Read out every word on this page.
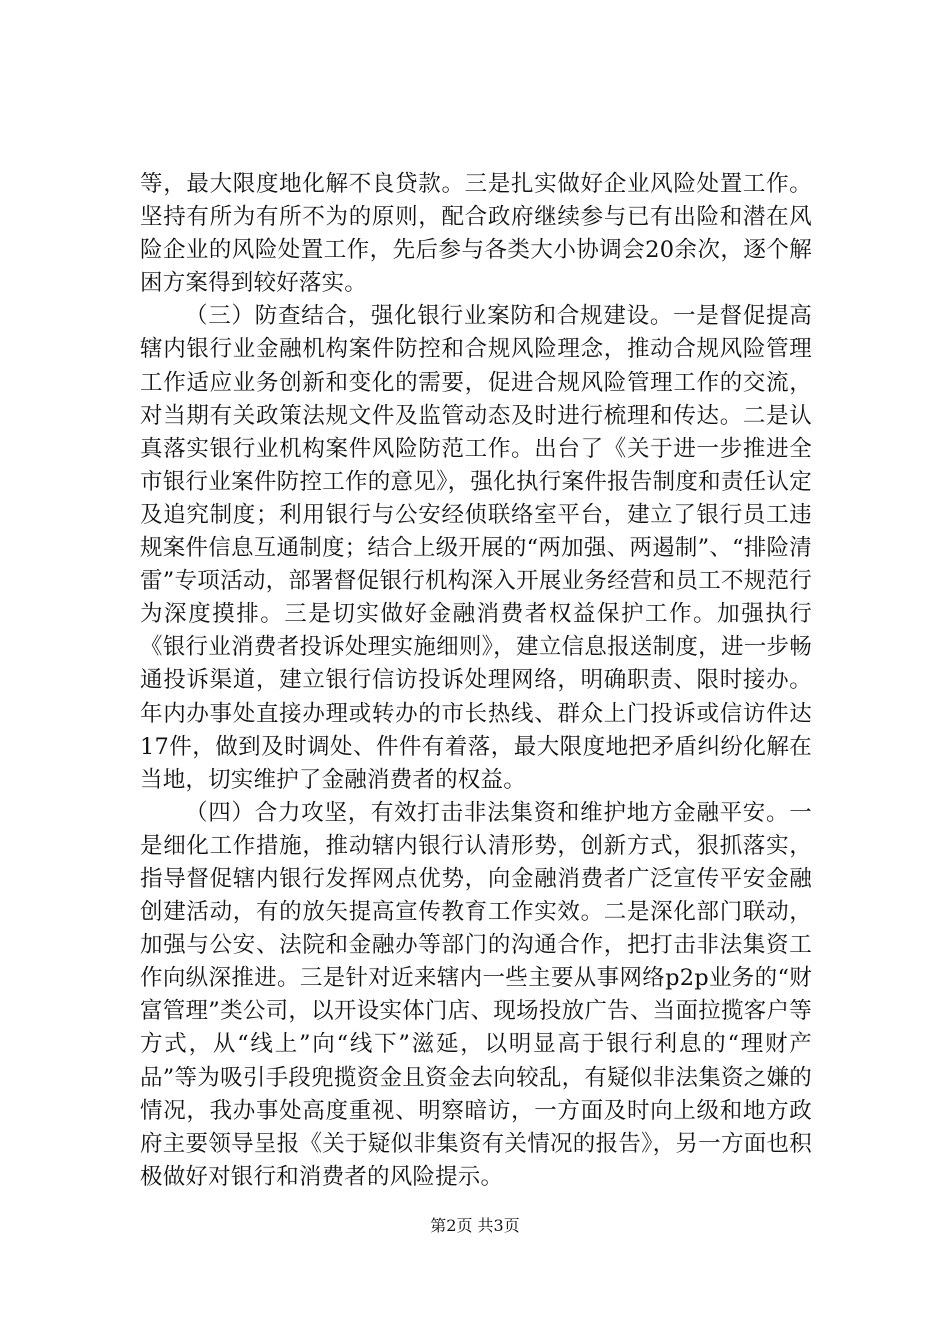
等，最大限度地化解不良贷款。三是扎实做好企业风险处置工作。坚持有所为有所不为的原则，配合政府继续参与已有出险和潜在风险企业的风险处置工作，先后参与各类大小协调会20余次，逐个解困方案得到较好落实。

（三）防查结合，强化银行业案防和合规建设。一是督促提高辖内银行业金融机构案件防控和合规风险理念，推动合规风险管理工作适应业务创新和变化的需要，促进合规风险管理工作的交流，对当期有关政策法规文件及监管动态及时进行梳理和传达。二是认真落实银行业机构案件风险防范工作。出台了《关于进一步推进全市银行业案件防控工作的意见》，强化执行案件报告制度和责任认定及追究制度；利用银行与公安经侦联络室平台，建立了银行员工违规案件信息互通制度；结合上级开展的“两加强、两遏制”、“排险清雷”专项活动，部署督促银行机构深入开展业务经营和员工不规范行为深度摸排。三是切实做好金融消费者权益保护工作。加强执行《银行业消费者投诉处理实施细则》，建立信息报送制度，进一步畅通投诉渠道，建立银行信访投诉处理网络，明确职责、限时接办。年内办事处直接办理或转办的市长热线、群众上门投诉或信访件达17件，做到及时调处、件件有着落，最大限度地把矛盾纠纷化解在当地，切实维护了金融消费者的权益。

（四）合力攻坚，有效打击非法集资和维护地方金融平安。一是细化工作措施，推动辖内银行认清形势，创新方式，狠抓落实，指导督促辖内银行发挥网点优势，向金融消费者广泛宣传平安金融创建活动，有的放矢提高宣传教育工作实效。二是深化部门联动，加强与公安、法院和金融办等部门的沟通合作，把打击非法集资工作向纵深推进。三是针对近来辖内一些主要从事网络p2p业务的“财富管理”类公司，以开设实体门店、现场投放广告、当面拉揽客户等方式，从“线上”向“线下”滋延，以明显高于银行利息的“理财产品”等为吸引手段兜揽资金且资金去向较乱，有疑似非法集资之嫌的情况，我办事处高度重视、明察暗访，一方面及时向上级和地方政府主要领导呈报《关于疑似非集资有关情况的报告》，另一方面也积极做好对银行和消费者的风险提示。

第2页 共3页
